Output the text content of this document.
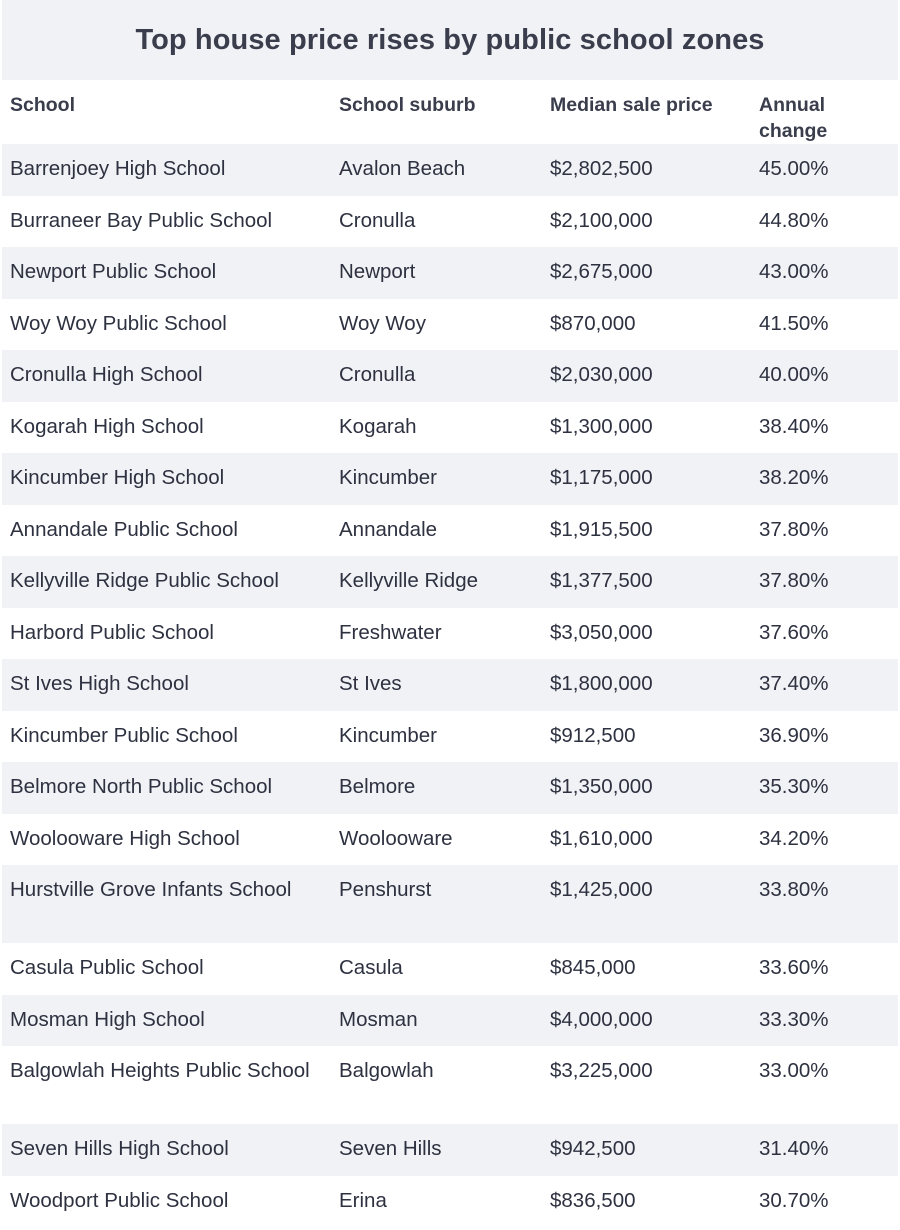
Top house price rises by public school zones
School	School suburb	Median sale price	Annual change
Barrenjoey High School	Avalon Beach	$2,802,500	45.00%
Burraneer Bay Public School	Cronulla	$2,100,000	44.80%
Newport Public School	Newport	$2,675,000	43.00%
Woy Woy Public School	Woy Woy	$870,000	41.50%
Cronulla High School	Cronulla	$2,030,000	40.00%
Kogarah High School	Kogarah	$1,300,000	38.40%
Kincumber High School	Kincumber	$1,175,000	38.20%
Annandale Public School	Annandale	$1,915,500	37.80%
Kellyville Ridge Public School	Kellyville Ridge	$1,377,500	37.80%
Harbord Public School	Freshwater	$3,050,000	37.60%
St Ives High School	St Ives	$1,800,000	37.40%
Kincumber Public School	Kincumber	$912,500	36.90%
Belmore North Public School	Belmore	$1,350,000	35.30%
Woolooware High School	Woolooware	$1,610,000	34.20%
Hurstville Grove Infants School	Penshurst	$1,425,000	33.80%
Casula Public School	Casula	$845,000	33.60%
Mosman High School	Mosman	$4,000,000	33.30%
Balgowlah Heights Public School	Balgowlah	$3,225,000	33.00%
Seven Hills High School	Seven Hills	$942,500	31.40%
Woodport Public School	Erina	$836,500	30.70%
